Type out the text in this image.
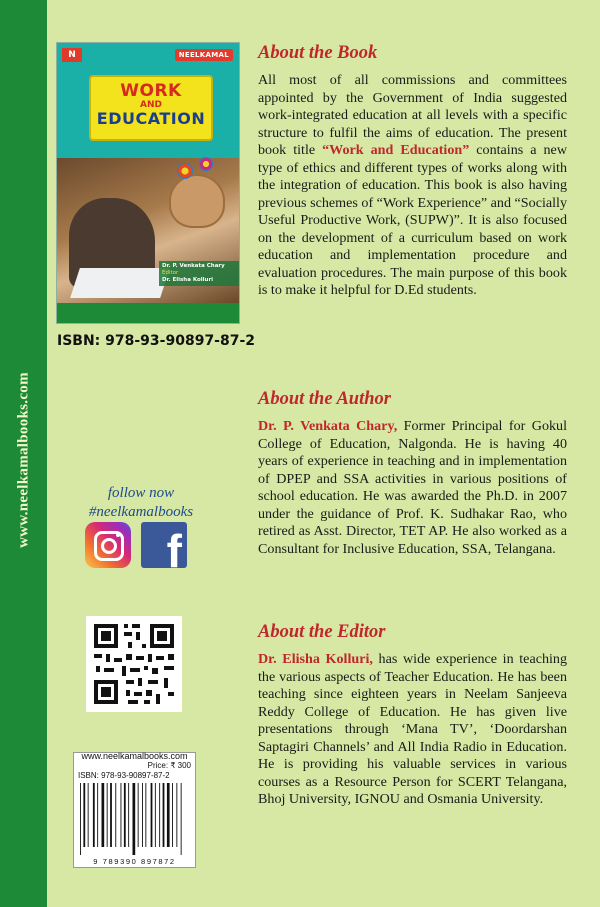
www.neelkamalbooks.com
N	NEELKAMAL
WORK
AND
EDUCATION
Dr. P. Venkata Chary
Editor
Dr. Elisha Kolluri
ISBN: 978-93-90897-87-2
follow now
#neelkamalbooks
f
www.neelkamalbooks.com
Price: ₹ 300
ISBN: 978-93-90897-87-2
9 789390 897872
About the Book

All most of all commissions and committees appointed by the Government of India suggested work-integrated education at all levels with a specific structure to fulfil the aims of education. The present book title “Work and Education” contains a new type of ethics and different types of works along with the integration of education. This book is also having previous schemes of “Work Experience” and “Socially Useful Productive Work, (SUPW)”. It is also focused on the development of a curriculum based on work education and implementation procedure and evaluation procedures. The main purpose of this book is to make it helpful for D.Ed students.

About the Author

Dr. P. Venkata Chary, Former Principal for Gokul College of Education, Nalgonda. He is having 40 years of experience in teaching and in implementation of DPEP and SSA activities in various positions of school education. He was awarded the Ph.D. in 2007 under the guidance of Prof. K. Sudhakar Rao, who retired as Asst. Director, TET AP. He also worked as a Consultant for Inclusive Education, SSA, Telangana.

About the Editor

Dr. Elisha Kolluri, has wide experience in teaching the various aspects of Teacher Education. He has been teaching since eighteen years in Neelam Sanjeeva Reddy College of Education. He has given live presentations through ‘Mana TV’, ‘Doordarshan Saptagiri Channels’ and All India Radio in Education. He is providing his valuable services in various courses as a Resource Person for SCERT Telangana, Bhoj University, IGNOU and Osmania University.
